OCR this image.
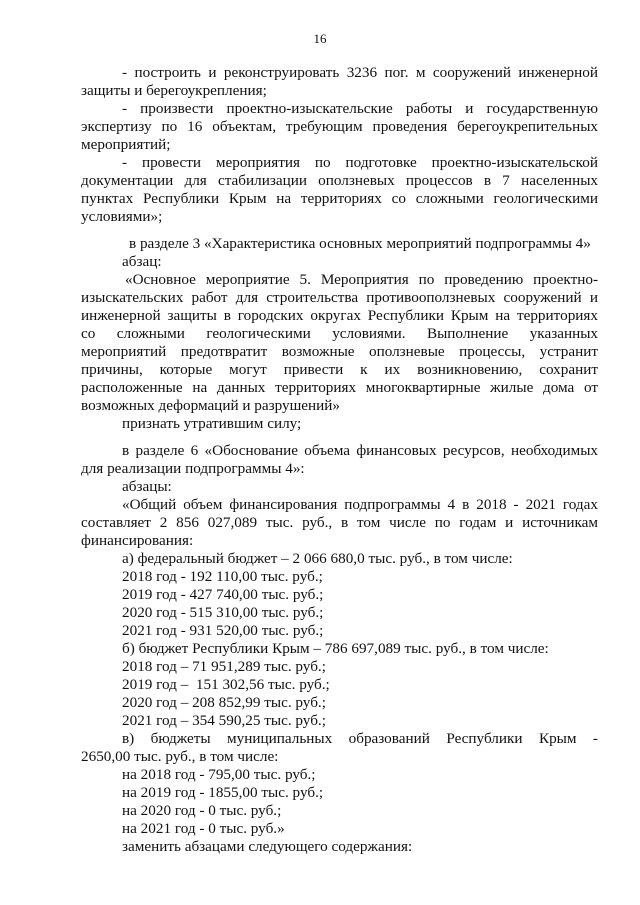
16
- построить и реконструировать 3236 пог. м сооружений инженерной
защиты и берегоукрепления;
- произвести проектно-изыскательские работы и государственную
экспертизу по 16 объектам, требующим проведения берегоукрепительных
мероприятий;
- провести мероприятия по подготовке проектно-изыскательской
документации для стабилизации оползневых процессов в 7 населенных
пунктах Республики Крым на территориях со сложными геологическими
условиями»;
в разделе 3 «Характеристика основных мероприятий подпрограммы 4»
абзац:
«Основное мероприятие 5. Мероприятия по проведению проектно-
изыскательских работ для строительства противооползневых сооружений и
инженерной защиты в городских округах Республики Крым на территориях
со сложными геологическими условиями. Выполнение указанных
мероприятий предотвратит возможные оползневые процессы, устранит
причины, которые могут привести к их возникновению, сохранит
расположенные на данных территориях многоквартирные жилые дома от
возможных деформаций и разрушений»
признать утратившим силу;
в разделе 6 «Обоснование объема финансовых ресурсов, необходимых
для реализации подпрограммы 4»:
абзацы:
«Общий объем финансирования подпрограммы 4 в 2018 - 2021 годах
составляет 2 856 027,089 тыс. руб., в том числе по годам и источникам
финансирования:
а) федеральный бюджет – 2 066 680,0 тыс. руб., в том числе:
2018 год - 192 110,00 тыс. руб.;
2019 год - 427 740,00 тыс. руб.;
2020 год - 515 310,00 тыс. руб.;
2021 год - 931 520,00 тыс. руб.;
б) бюджет Республики Крым – 786 697,089 тыс. руб., в том числе:
2018 год – 71 951,289 тыс. руб.;
2019 год –  151 302,56 тыс. руб.;
2020 год – 208 852,99 тыс. руб.;
2021 год – 354 590,25 тыс. руб.;
в) бюджеты муниципальных образований Республики Крым -
2650,00 тыс. руб., в том числе:
на 2018 год - 795,00 тыс. руб.;
на 2019 год - 1855,00 тыс. руб.;
на 2020 год - 0 тыс. руб.;
на 2021 год - 0 тыс. руб.»
заменить абзацами следующего содержания:
